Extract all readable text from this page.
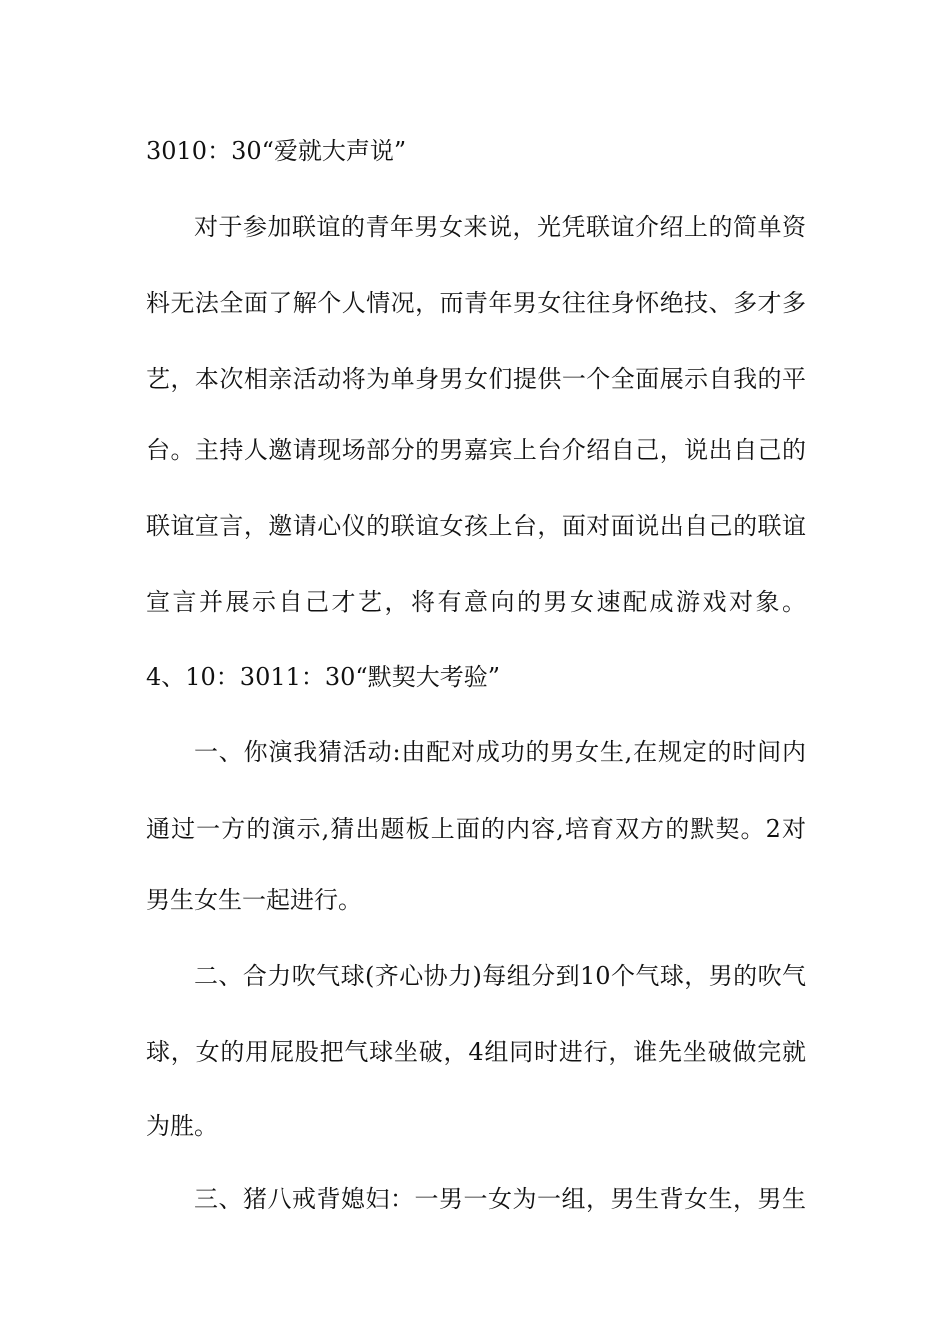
3010：30“爱就大声说”

对于参加联谊的青年男女来说，光凭联谊介绍上的简单资

料无法全面了解个人情况，而青年男女往往身怀绝技、多才多

艺，本次相亲活动将为单身男女们提供一个全面展示自我的平

台。主持人邀请现场部分的男嘉宾上台介绍自己，说出自己的

联谊宣言，邀请心仪的联谊女孩上台，面对面说出自己的联谊

宣言并展示自己才艺，将有意向的男女速配成游戏对象。

4、10：3011：30“默契大考验”

一、你演我猜活动:由配对成功的男女生,在规定的时间内

通过一方的演示,猜出题板上面的内容,培育双方的默契。2对

男生女生一起进行。

二、合力吹气球(齐心协力)每组分到10个气球，男的吹气

球，女的用屁股把气球坐破，4组同时进行，谁先坐破做完就

为胜。

三、猪八戒背媳妇：一男一女为一组，男生背女生，男生
